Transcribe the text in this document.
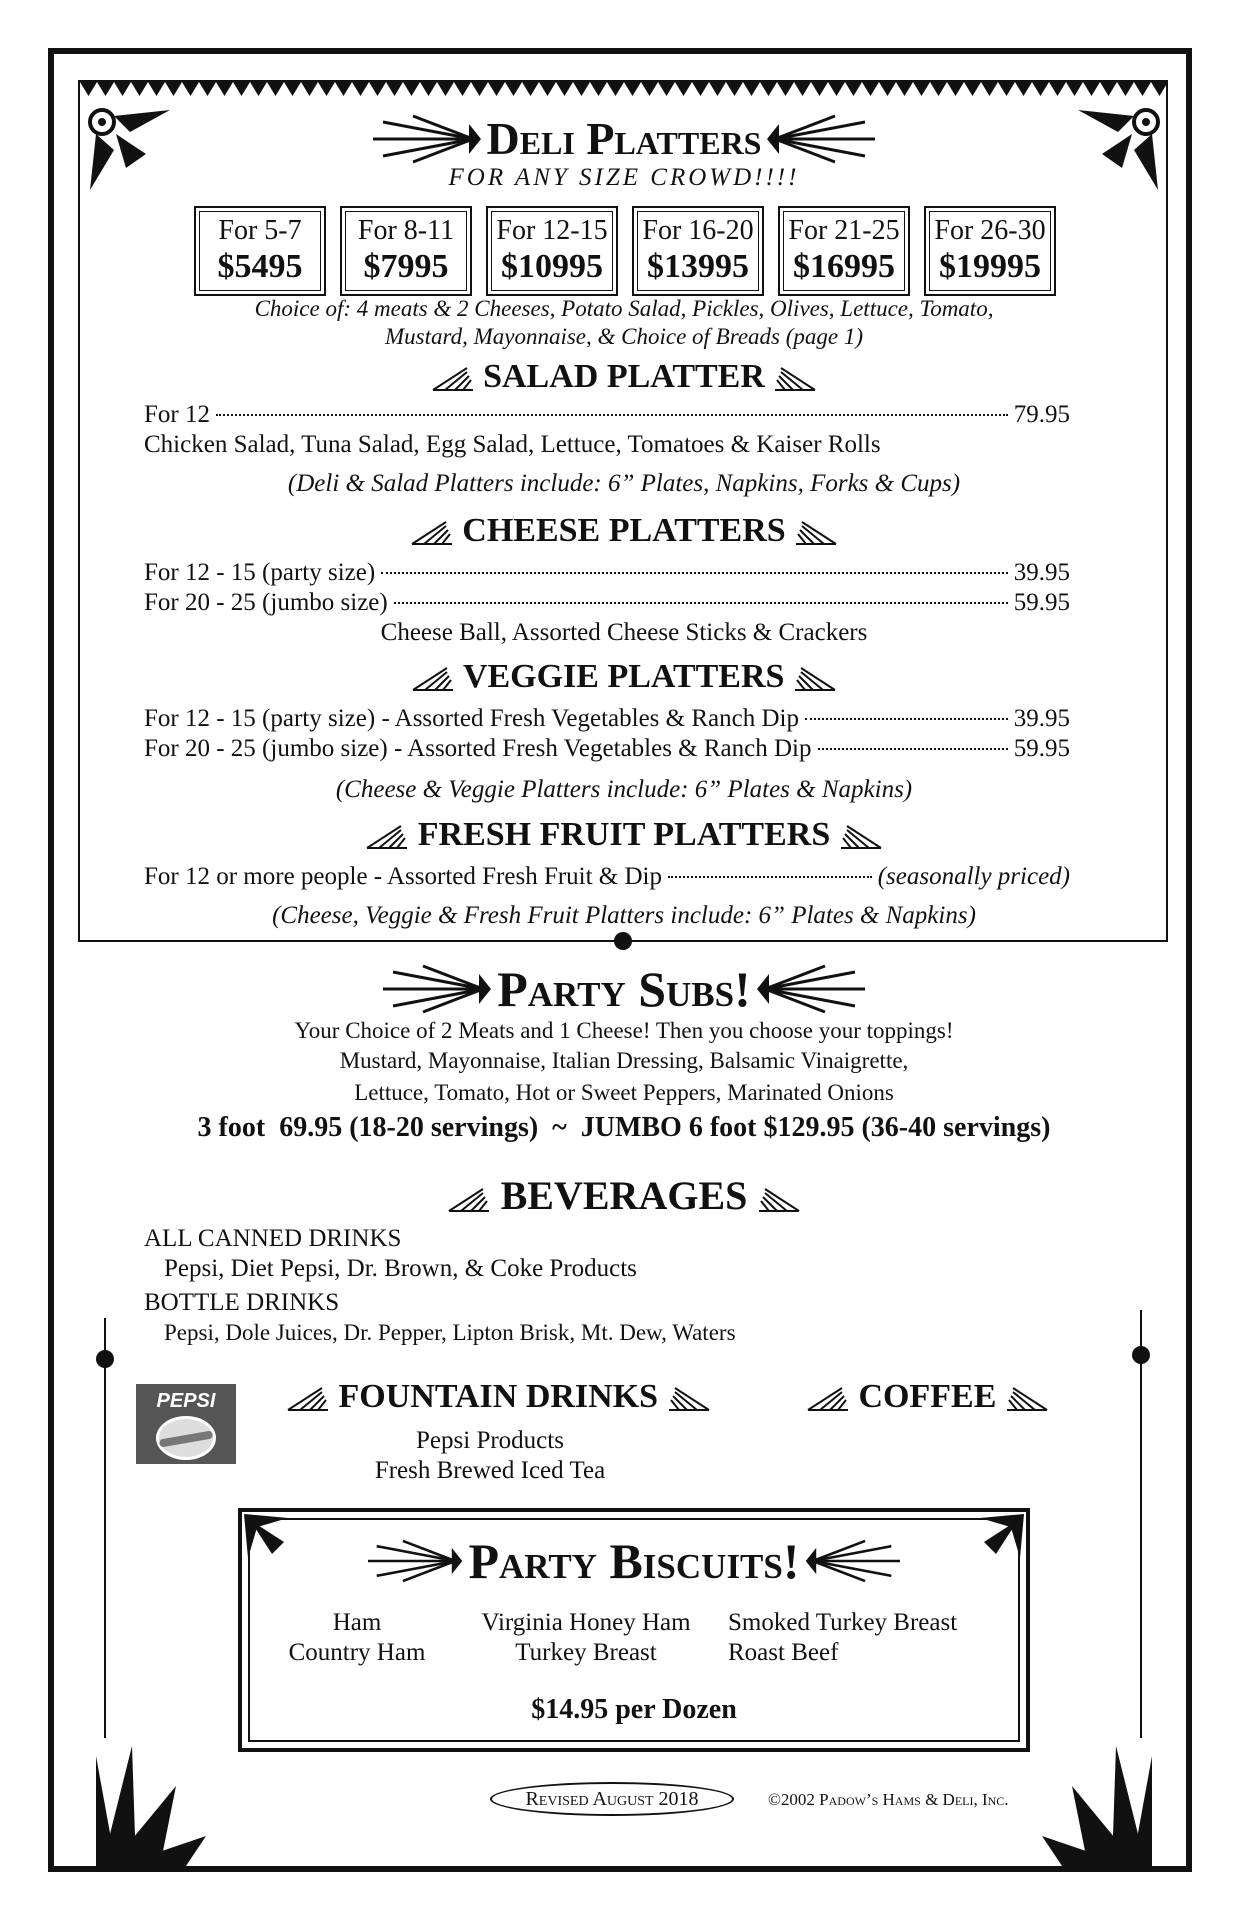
Deli Platters
FOR ANY SIZE CROWD!!!!
For 5-7
$5495
For 8-11
$7995
For 12-15
$10995
For 16-20
$13995
For 21-25
$16995
For 26-30
$19995
Choice of: 4 meats & 2 Cheeses, Potato Salad, Pickles, Olives, Lettuce, Tomato,
Mustard, Mayonnaise, & Choice of Breads (page 1)
SALAD PLATTER
For 12	79.95
Chicken Salad, Tuna Salad, Egg Salad, Lettuce, Tomatoes & Kaiser Rolls
(Deli & Salad Platters include: 6” Plates, Napkins, Forks & Cups)
CHEESE PLATTERS
For 12 - 15 (party size)	39.95
For 20 - 25 (jumbo size)	59.95
Cheese Ball, Assorted Cheese Sticks & Crackers
VEGGIE PLATTERS
For 12 - 15 (party size) - Assorted Fresh Vegetables & Ranch Dip	39.95
For 20 - 25 (jumbo size) - Assorted Fresh Vegetables & Ranch Dip	59.95
(Cheese & Veggie Platters include: 6” Plates & Napkins)
FRESH FRUIT PLATTERS
For 12 or more people - Assorted Fresh Fruit & Dip	(seasonally priced)
(Cheese, Veggie & Fresh Fruit Platters include: 6” Plates & Napkins)
Party Subs!
Your Choice of 2 Meats and 1 Cheese! Then you choose your toppings!
Mustard, Mayonnaise, Italian Dressing, Balsamic Vinaigrette,
Lettuce, Tomato, Hot or Sweet Peppers, Marinated Onions
3 foot  69.95 (18-20 servings)  ~  JUMBO 6 foot $129.95 (36-40 servings)
BEVERAGES
ALL CANNED DRINKS
Pepsi, Diet Pepsi, Dr. Brown, & Coke Products
BOTTLE DRINKS
Pepsi, Dole Juices, Dr. Pepper, Lipton Brisk, Mt. Dew, Waters
PEPSI	FOUNTAIN DRINKS
Pepsi Products
Fresh Brewed Iced Tea
COFFEE
Party Biscuits!
Ham
Country Ham
Virginia Honey Ham
Turkey Breast
Smoked Turkey Breast
Roast Beef
$14.95 per Dozen
Revised August 2018	©2002 Padow’s Hams & Deli, Inc.
